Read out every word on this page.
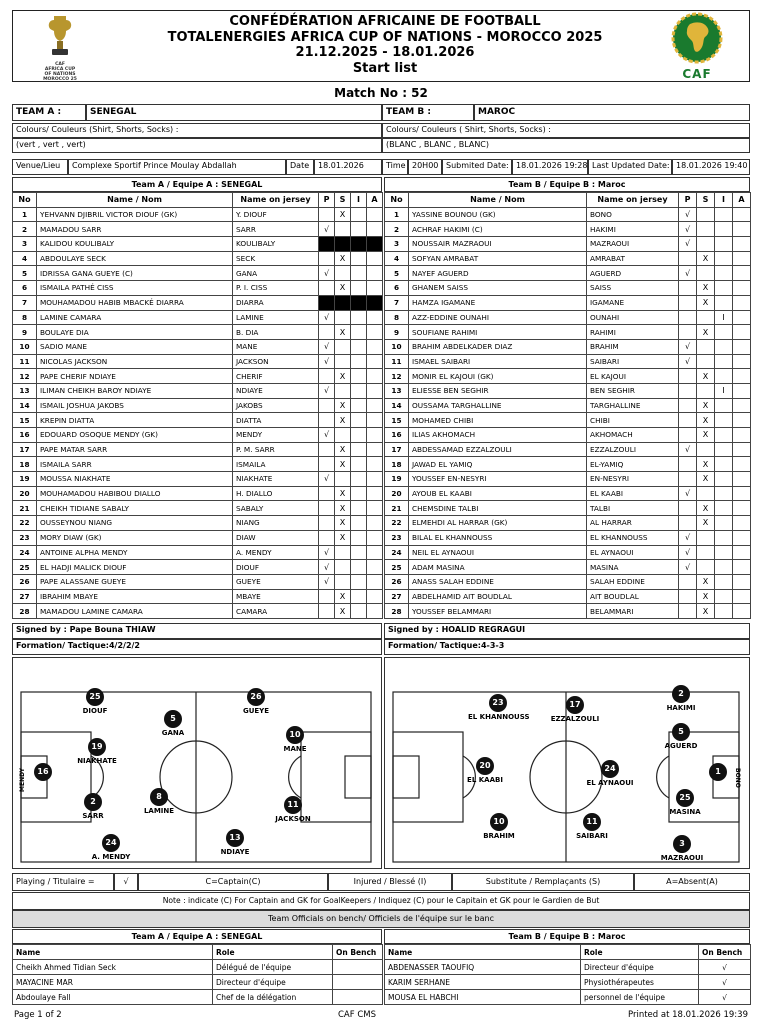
CAF
AFRICA CUP
OF NATIONS
MOROCCO 25
CONFÉDÉRATION AFRICAINE DE FOOTBALL
TOTALENERGIES AFRICA CUP OF NATIONS - MOROCCO 2025
21.12.2025 - 18.01.2026
Start list	CAF
Match No : 52
TEAM A :	SENEGAL	TEAM B :	MAROC
Colours/ Couleurs (Shirt, Shorts, Socks) :
(vert , vert , vert)
Colours/ Couleurs ( Shirt, Shorts, Socks) :
(BLANC , BLANC , BLANC)
Venue/Lieu	Complexe Sportif Prince Moulay Abdallah	Date	18.01.2026	Time 20H00 Submited Date: 18.01.2026 19:28 Last Updated Date: 18.01.2026 19:40
Team A / Equipe A : SENEGAL	Team B / Equipe B : Maroc
No	Name / Nom	Name on jersey	P	S	I	A
1	YEHVANN DJIBRIL VICTOR DIOUF (GK)	Y. DIOUF		X		
2	MAMADOU SARR	SARR	√			
3	KALIDOU KOULIBALY	KOULIBALY				
4	ABDOULAYE SECK	SECK		X		
5	IDRISSA GANA GUEYE (C)	GANA	√			
6	ISMAILA PATHÉ CISS	P. I. CISS		X		
7	MOUHAMADOU HABIB MBACKÉ DIARRA	DIARRA				
8	LAMINE CAMARA	LAMINE	√			
9	BOULAYE DIA	B. DIA		X		
10	SADIO MANE	MANE	√			
11	NICOLAS JACKSON	JACKSON	√			
12	PAPE CHERIF NDIAYE	CHERIF		X		
13	ILIMAN CHEIKH BAROY NDIAYE	NDIAYE	√			
14	ISMAIL JOSHUA JAKOBS	JAKOBS		X		
15	KREPIN DIATTA	DIATTA		X		
16	EDOUARD OSOQUE MENDY (GK)	MENDY	√			
17	PAPE MATAR SARR	P. M. SARR		X		
18	ISMAILA SARR	ISMAILA		X		
19	MOUSSA NIAKHATE	NIAKHATE	√			
20	MOUHAMADOU HABIBOU DIALLO	H. DIALLO		X		
21	CHEIKH TIDIANE SABALY	SABALY		X		
22	OUSSEYNOU NIANG	NIANG		X		
23	MORY DIAW (GK)	DIAW		X		
24	ANTOINE ALPHA MENDY	A. MENDY	√			
25	EL HADJI MALICK DIOUF	DIOUF	√			
26	PAPE ALASSANE GUEYE	GUEYE	√			
27	IBRAHIM MBAYE	MBAYE		X		
28	MAMADOU LAMINE CAMARA	CAMARA		X		
No	Name / Nom	Name on jersey	P	S	I	A
1	YASSINE BOUNOU (GK)	BONO	√			
2	ACHRAF HAKIMI (C)	HAKIMI	√			
3	NOUSSAIR MAZRAOUI	MAZRAOUI	√			
4	SOFYAN AMRABAT	AMRABAT		X		
5	NAYEF AGUERD	AGUERD	√			
6	GHANEM SAISS	SAISS		X		
7	HAMZA IGAMANE	IGAMANE		X		
8	AZZ-EDDINE OUNAHI	OUNAHI			I	
9	SOUFIANE RAHIMI	RAHIMI		X		
10	BRAHIM ABDELKADER DIAZ	BRAHIM	√			
11	ISMAEL SAIBARI	SAIBARI	√			
12	MONIR EL KAJOUI (GK)	EL KAJOUI		X		
13	ELIESSE BEN SEGHIR	BEN SEGHIR			I	
14	OUSSAMA TARGHALLINE	TARGHALLINE		X		
15	MOHAMED CHIBI	CHIBI		X		
16	ILIAS AKHOMACH	AKHOMACH		X		
17	ABDESSAMAD EZZALZOULI	EZZALZOULI	√			
18	JAWAD EL YAMIQ	EL-YAMIQ		X		
19	YOUSSEF EN-NESYRI	EN-NESYRI		X		
20	AYOUB EL KAABI	EL KAABI	√			
21	CHEMSDINE TALBI	TALBI		X		
22	ELMEHDI AL HARRAR (GK)	AL HARRAR		X		
23	BILAL EL KHANNOUSS	EL KHANNOUSS	√			
24	NEIL EL AYNAOUI	EL AYNAOUI	√			
25	ADAM MASINA	MASINA	√			
26	ANASS SALAH EDDINE	SALAH EDDINE		X		
27	ABDELHAMID AIT BOUDLAL	AIT BOUDLAL		X		
28	YOUSSEF BELAMMARI	BELAMMARI		X		
Signed by : Pape Bouna THIAW	Signed by : HOALID REGRAGUI
Formation/ Tactique:4/2/2/2	Formation/ Tactique:4-3-3
16
MENDY
25
DIOUF
19
NIAKHATE
2
SARR
24
A. MENDY
5
GANA
8
LAMINE
26
GUEYE
13
NDIAYE
10
MANE
11
JACKSON
1	BONO
2
HAKIMI
5
AGUERD
25
MASINA
3
MAZRAOUI
17
EZZALZOULI
24
EL AYNAOUI
11
SAIBARI
23
EL KHANNOUSS
20
EL KAABI
10
BRAHIM
Playing / Titulaire =	√	C=Captain(C)	Injured / Blessé (I)	Substitute / Remplaçants (S)	A=Absent(A)
Note : indicate (C) For Captain and GK for GoalKeepers / Indiquez (C) pour le Capitain et GK pour le Gardien de But
Team Officials on bench/ Officiels de l'équipe sur le banc
Team A / Equipe A : SENEGAL	Team B / Equipe B : Maroc
Name	Role	On Bench
Cheikh Ahmed Tidian Seck	Délégué de l'équipe	
MAYACINE MAR	Directeur d'équipe	
Abdoulaye Fall	Chef de la délégation	
Name	Role	On Bench
ABDENASSER TAOUFIQ	Directeur d'équipe	√
KARIM SERHANE	Physiothérapeutes	√
MOUSA EL HABCHI	personnel de l'équipe	√
Page 1 of 2	CAF CMS	Printed at 18.01.2026 19:39
